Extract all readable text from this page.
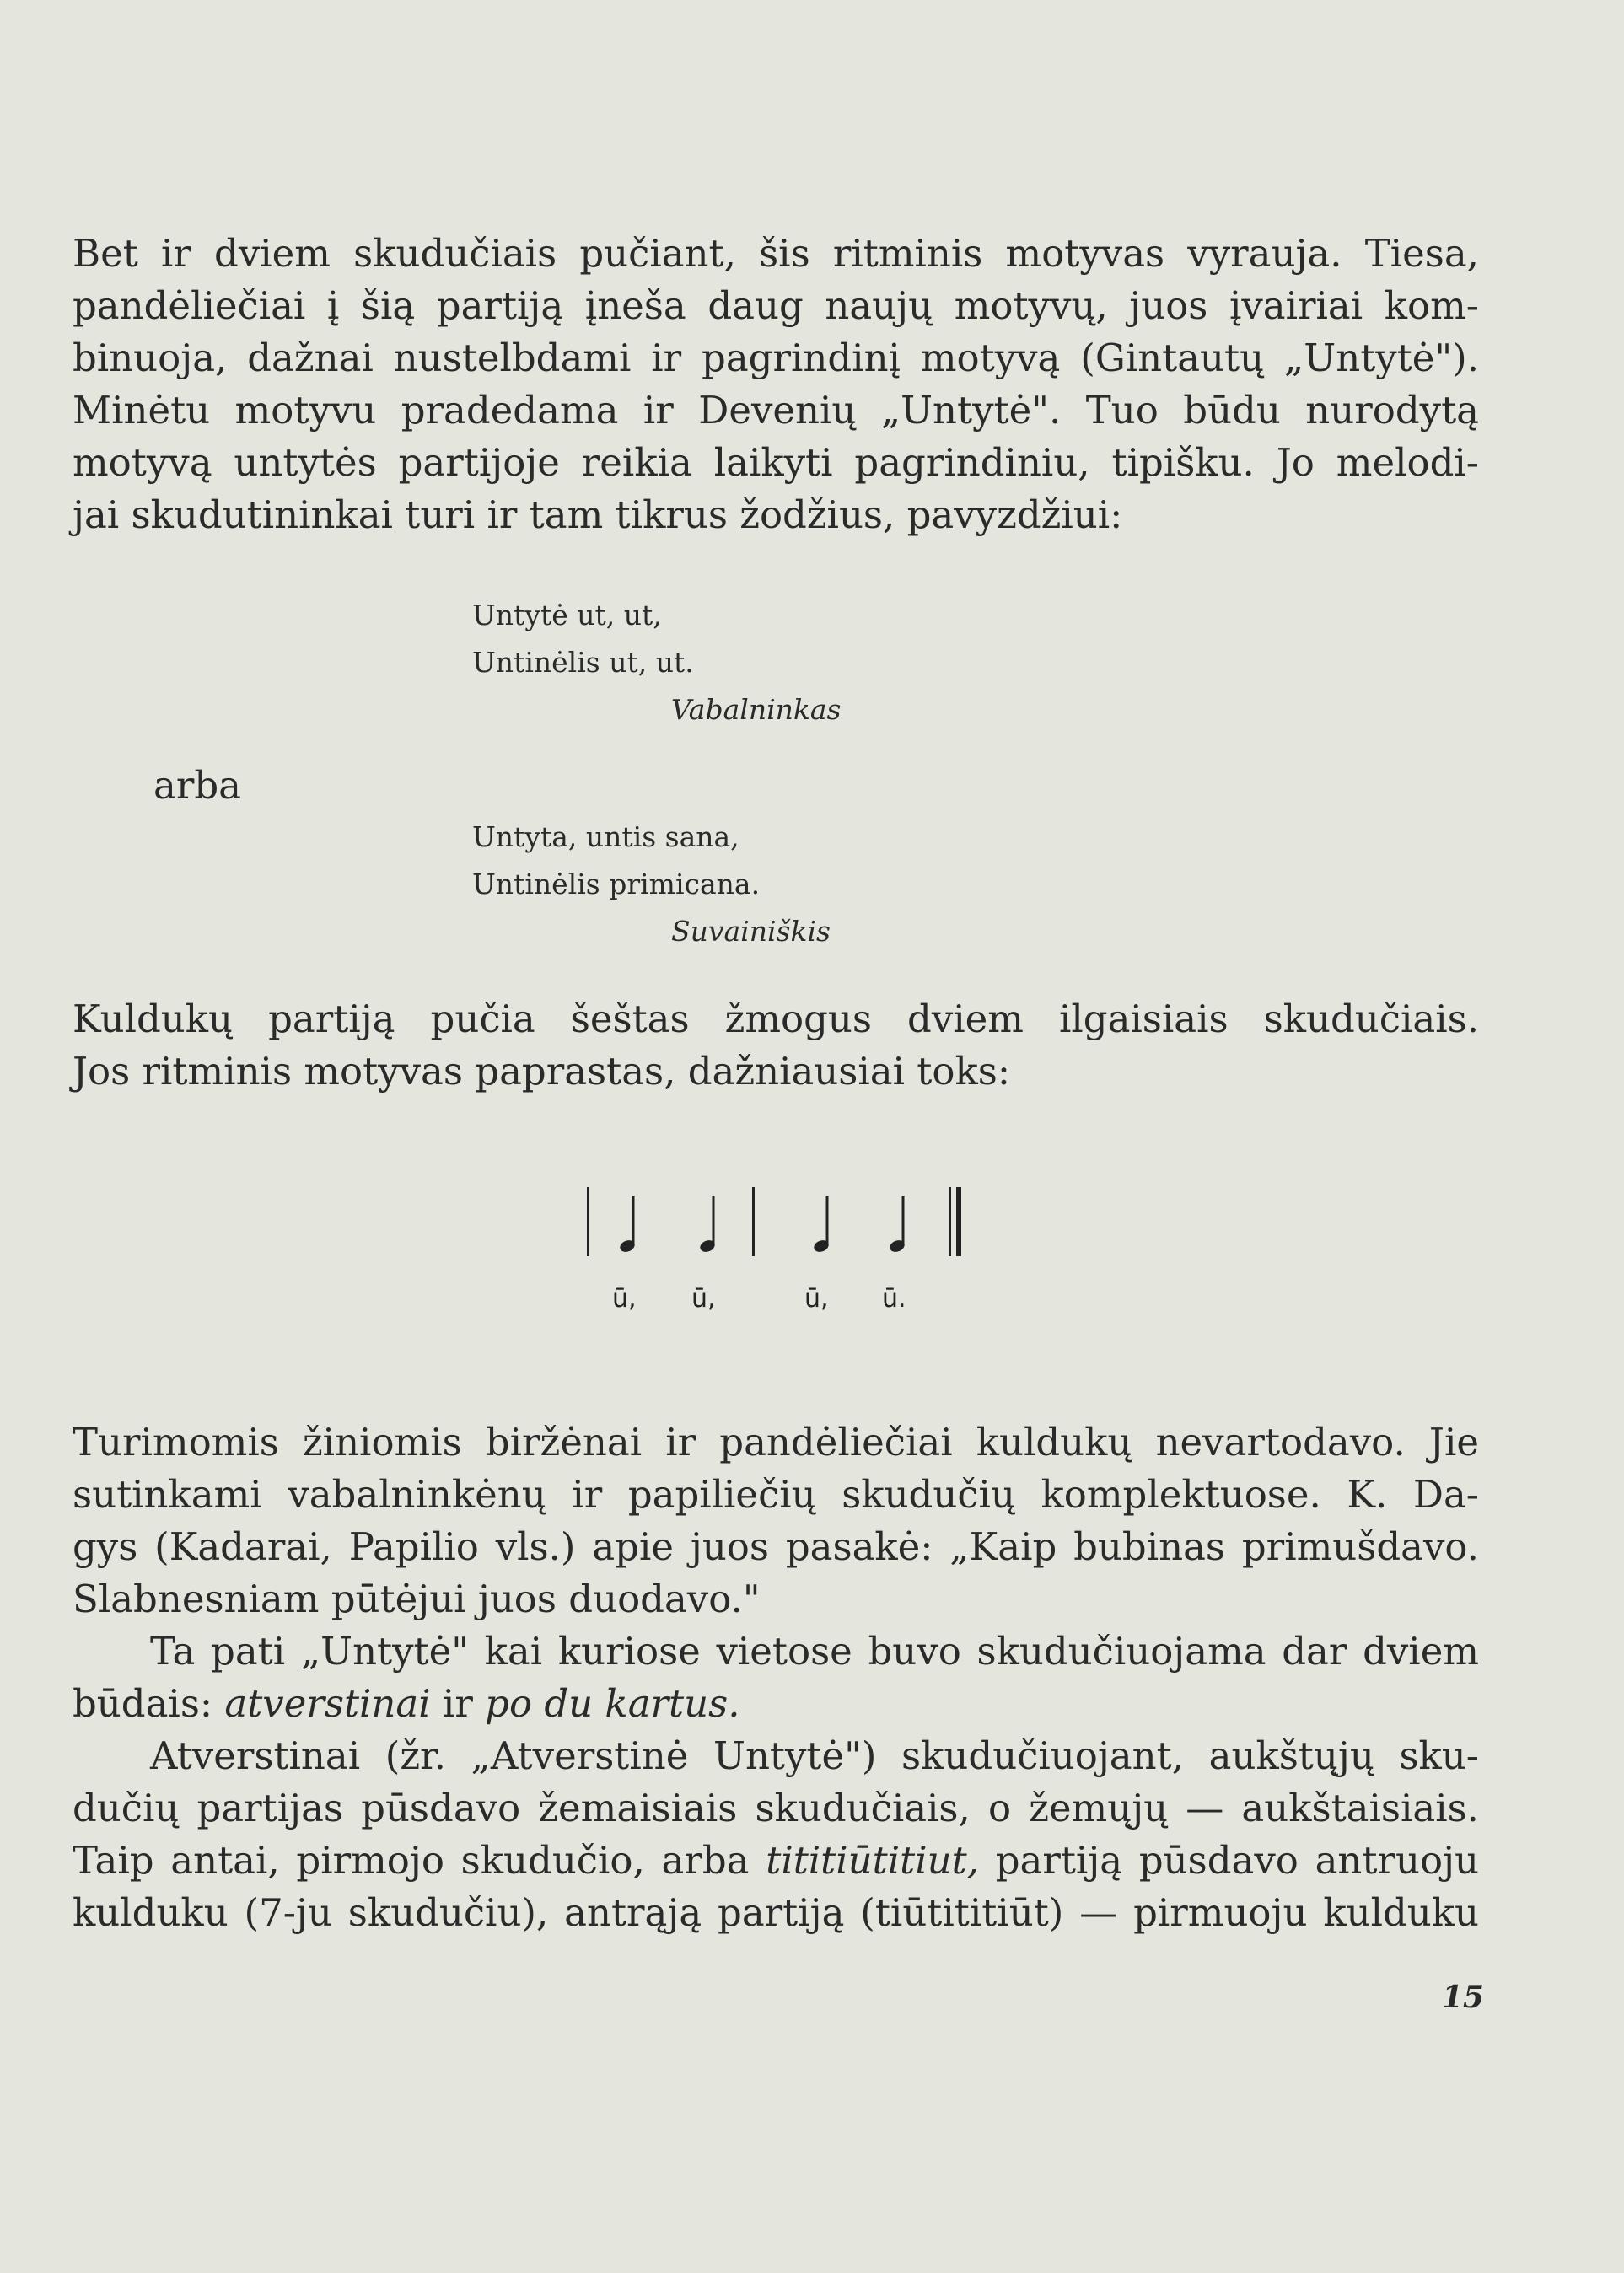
Bet ir dviem skudučiais pučiant, šis ritminis motyvas vyrauja. Tiesa,
pandėliečiai į šią partiją įneša daug naujų motyvų, juos įvairiai kom-
binuoja, dažnai nustelbdami ir pagrindinį motyvą (Gintautų „Untytė").
Minėtu motyvu pradedama ir Devenių „Untytė". Tuo būdu nurodytą
motyvą untytės partijoje reikia laikyti pagrindiniu, tipišku. Jo melodi-
jai skudutininkai turi ir tam tikrus žodžius, pavyzdžiui:

Untytė ut, ut,
Untinėlis ut, ut.
Vabalninkas
arba
Untyta, untis sana,
Untinėlis primicana.
Suvainiškis

Kuldukų partiją pučia šeštas žmogus dviem ilgaisiais skudučiais.
Jos ritminis motyvas paprastas, dažniausiai toks:

ū, ū,	ū, ū.

Turimomis žiniomis biržėnai ir pandėliečiai kuldukų nevartodavo. Jie
sutinkami vabalninkėnų ir papiliečių skudučių komplektuose. K. Da-
gys (Kadarai, Papilio vls.) apie juos pasakė: „Kaip bubinas primušdavo.
Slabnesniam pūtėjui juos duodavo."

Ta pati „Untytė" kai kuriose vietose buvo skudučiuojama dar dviem
būdais: atverstinai ir po du kartus.

Atverstinai (žr. „Atverstinė Untytė") skudučiuojant, aukštųjų sku-
dučių partijas pūsdavo žemaisiais skudučiais, o žemųjų — aukštaisiais.
Taip antai, pirmojo skudučio, arba tititiūtitiut, partiją pūsdavo antruoju
kulduku (7-ju skudučiu), antrąją partiją (tiūtititiūt) — pirmuoju kulduku

15
